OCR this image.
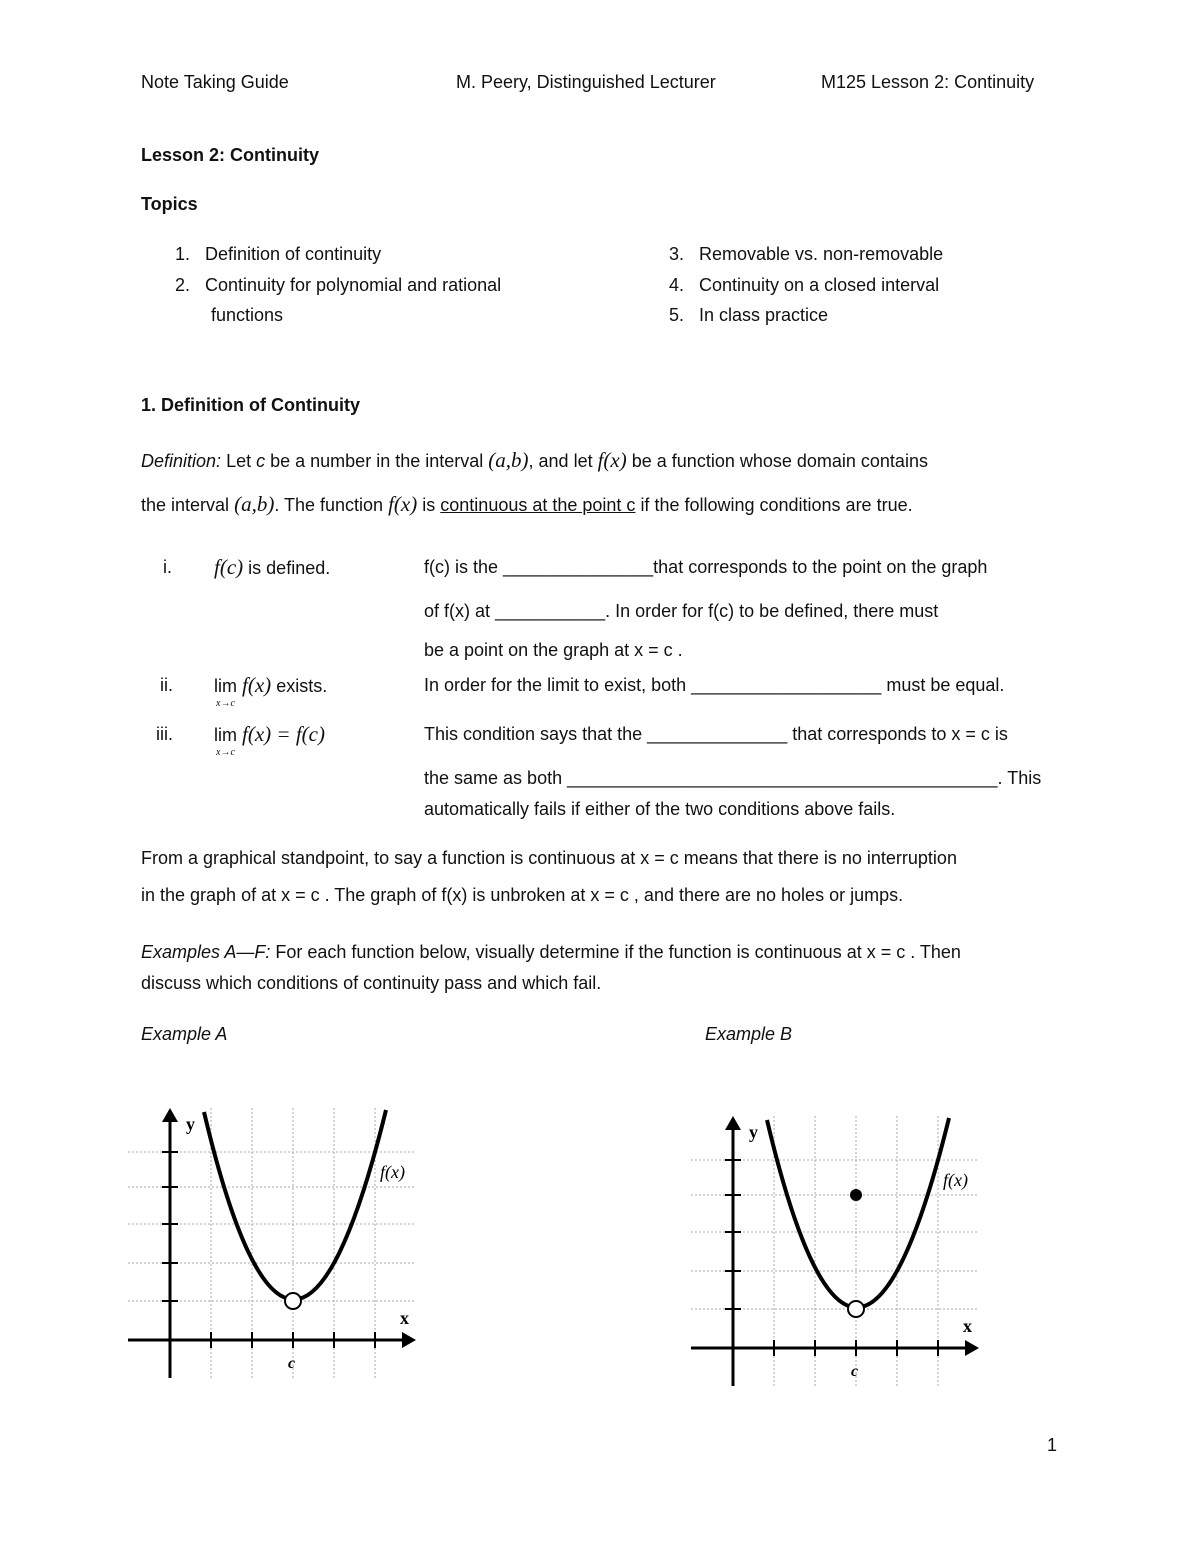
Note Taking Guide	M. Peery, Distinguished Lecturer	M125 Lesson 2: Continuity
Lesson 2: Continuity
Topics
1. Definition of continuity
2. Continuity for polynomial and rational
functions
3. Removable vs. non-removable
4. Continuity on a closed interval
5. In class practice
1. Definition of Continuity
Definition: Let c be a number in the interval (a,b), and let f(x) be a function whose domain contains
the interval (a,b). The function f(x) is continuous at the point c if the following conditions are true.
i. f(c) is defined.	f(c) is the _______________that corresponds to the point on the graph
of f(x) at ___________. In order for f(c) to be defined, there must
be a point on the graph at x = c .
ii. lim
x→c
f(x) exists.	In order for the limit to exist, both ___________________ must be equal.
iii. lim
x→c
f(x) = f(c)	This condition says that the ______________ that corresponds to x = c is
the same as both ___________________________________________. This
automatically fails if either of the two conditions above fails.
From a graphical standpoint, to say a function is continuous at x = c means that there is no interruption
in the graph of at x = c . The graph of f(x) is unbroken at x = c , and there are no holes or jumps.
Examples A—F: For each function below, visually determine if the function is continuous at x = c . Then
discuss which conditions of continuity pass and which fail.
Example A	Example B
y
x
c
f(x)
y
x
c
f(x)
1
